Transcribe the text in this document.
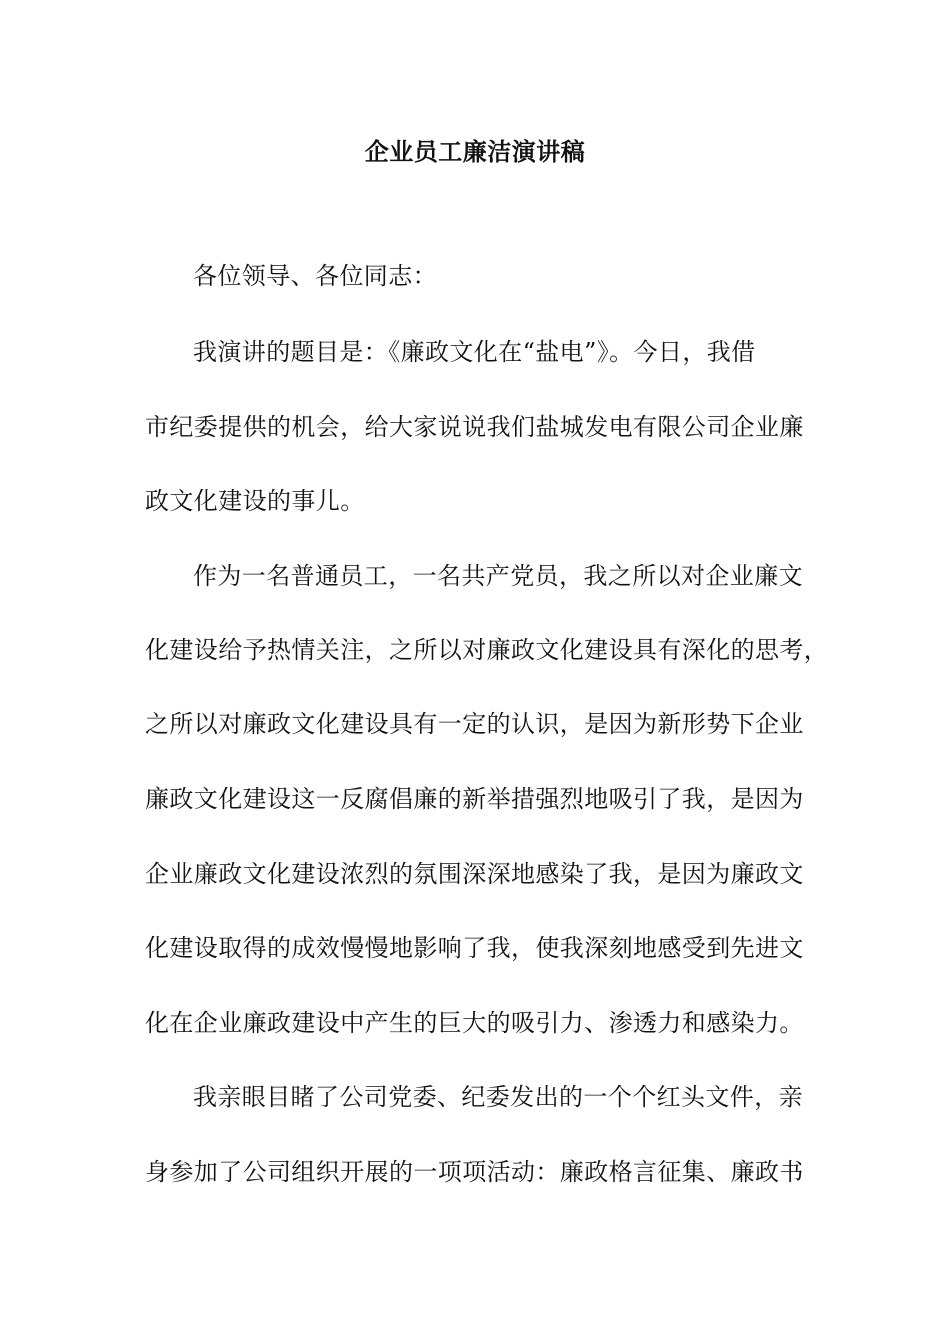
企业员工廉洁演讲稿
各位领导、各位同志：
我演讲的题目是：《廉政文化在“盐电”》。今日，我借
市纪委提供的机会，给大家说说我们盐城发电有限公司企业廉
政文化建设的事儿。
作为一名普通员工，一名共产党员，我之所以对企业廉文
化建设给予热情关注，之所以对廉政文化建设具有深化的思考，
之所以对廉政文化建设具有一定的认识，是因为新形势下企业
廉政文化建设这一反腐倡廉的新举措强烈地吸引了我，是因为
企业廉政文化建设浓烈的氛围深深地感染了我，是因为廉政文
化建设取得的成效慢慢地影响了我，使我深刻地感受到先进文
化在企业廉政建设中产生的巨大的吸引力、渗透力和感染力。
我亲眼目睹了公司党委、纪委发出的一个个红头文件，亲
身参加了公司组织开展的一项项活动：廉政格言征集、廉政书
